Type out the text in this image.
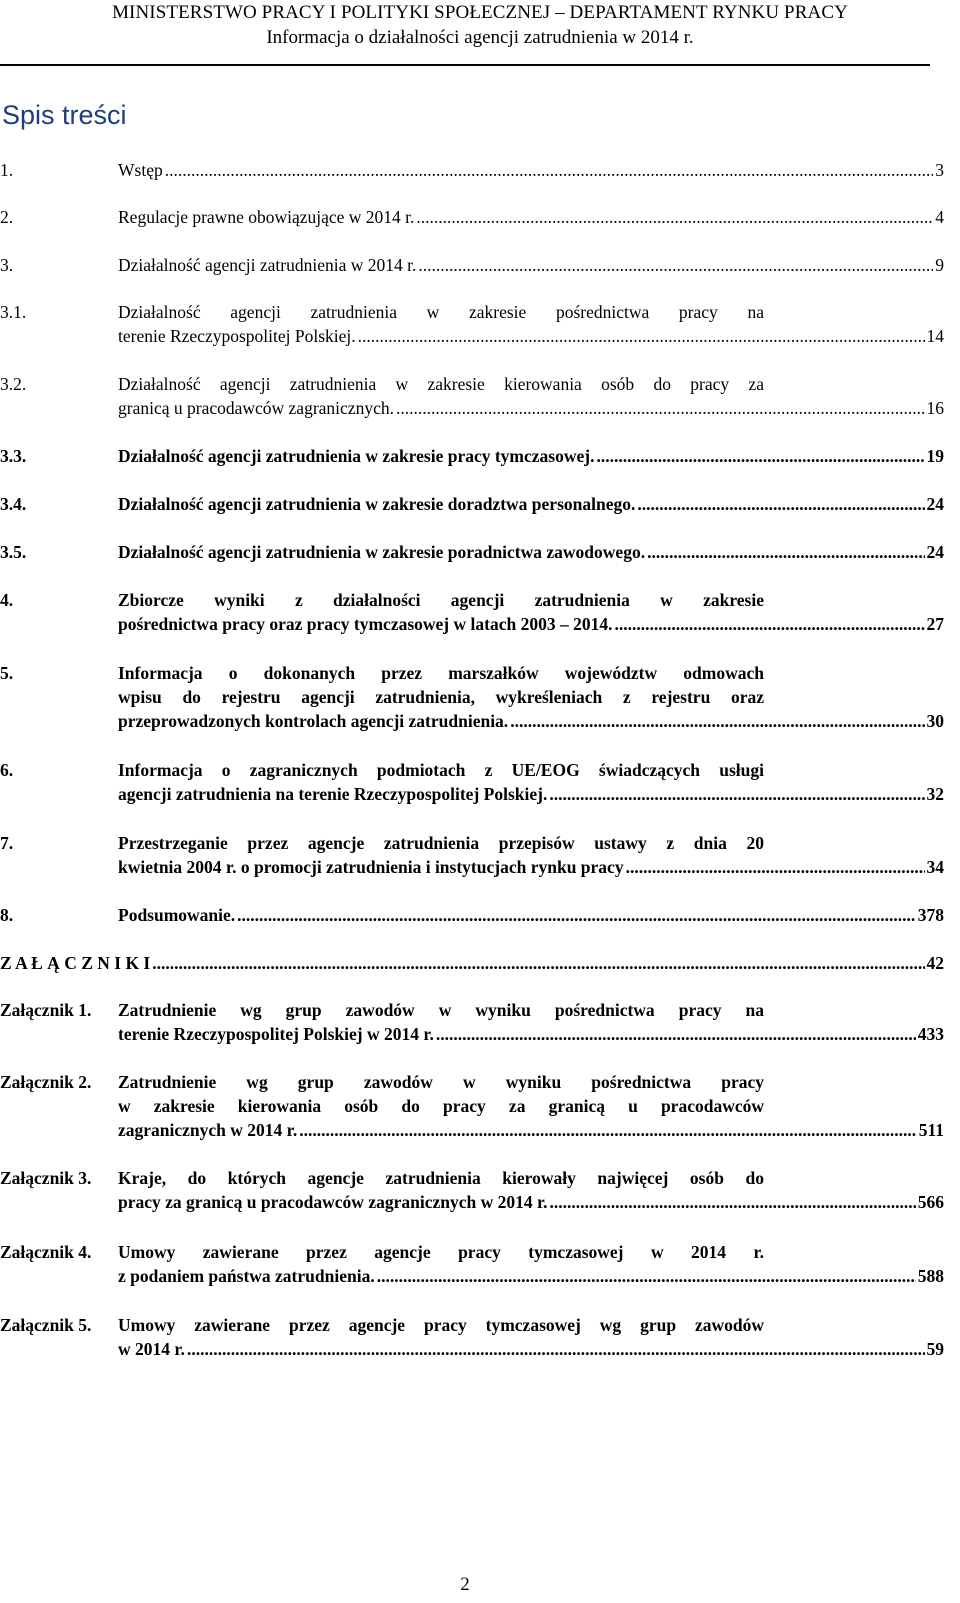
MINISTERSTWO PRACY I POLITYKI SPOŁECZNEJ – DEPARTAMENT RYNKU PRACY
Informacja o działalności agencji zatrudnienia w 2014 r.
Spis treści
1.	Wstęp .....	3
2.	Regulacje prawne obowiązujące w 2014 r. .....	4
3.	Działalność agencji zatrudnienia w 2014 r. .....	9
3.1.	Działalność agencji zatrudnienia w zakresie pośrednictwa pracy na
terenie Rzeczypospolitej Polskiej. .....	14
3.2.	Działalność agencji zatrudnienia w zakresie kierowania osób do pracy za
granicą u pracodawców zagranicznych. .....	16
3.3.	Działalność agencji zatrudnienia w zakresie pracy tymczasowej. .....	19
3.4.	Działalność agencji zatrudnienia w zakresie doradztwa personalnego. .....	24
3.5.	Działalność agencji zatrudnienia w zakresie poradnictwa zawodowego. .....	24
4.	Zbiorcze wyniki z działalności agencji zatrudnienia w zakresie
pośrednictwa pracy oraz pracy tymczasowej w latach 2003 – 2014. .....	27
5.	Informacja o dokonanych przez marszałków województw odmowach
wpisu do rejestru agencji zatrudnienia, wykreśleniach z rejestru oraz
przeprowadzonych kontrolach agencji zatrudnienia. .....	30
6.	Informacja o zagranicznych podmiotach z UE/EOG świadczących usługi
agencji zatrudnienia na terenie Rzeczypospolitej Polskiej. .....	32
7.	Przestrzeganie przez agencje zatrudnienia przepisów ustawy z dnia 20
kwietnia 2004 r. o promocji zatrudnienia i instytucjach rynku pracy .....	34
8.	Podsumowanie. .....	378
Z A Ł Ą C Z N I K I .....	42
Załącznik 1. Zatrudnienie wg grup zawodów w wyniku pośrednictwa pracy na
terenie Rzeczypospolitej Polskiej w 2014 r. .....	433
Załącznik 2. Zatrudnienie wg grup zawodów w wyniku pośrednictwa pracy
w zakresie kierowania osób do pracy za granicą u pracodawców
zagranicznych w 2014 r. .....	511
Załącznik 3. Kraje, do których agencje zatrudnienia kierowały najwięcej osób do
pracy za granicą u pracodawców zagranicznych w 2014 r. .....	566
Załącznik 4. Umowy zawierane przez agencje pracy tymczasowej w 2014 r.
z podaniem państwa zatrudnienia. .....	588
Załącznik 5. Umowy zawierane przez agencje pracy tymczasowej wg grup zawodów
w 2014 r. .....	59
2
